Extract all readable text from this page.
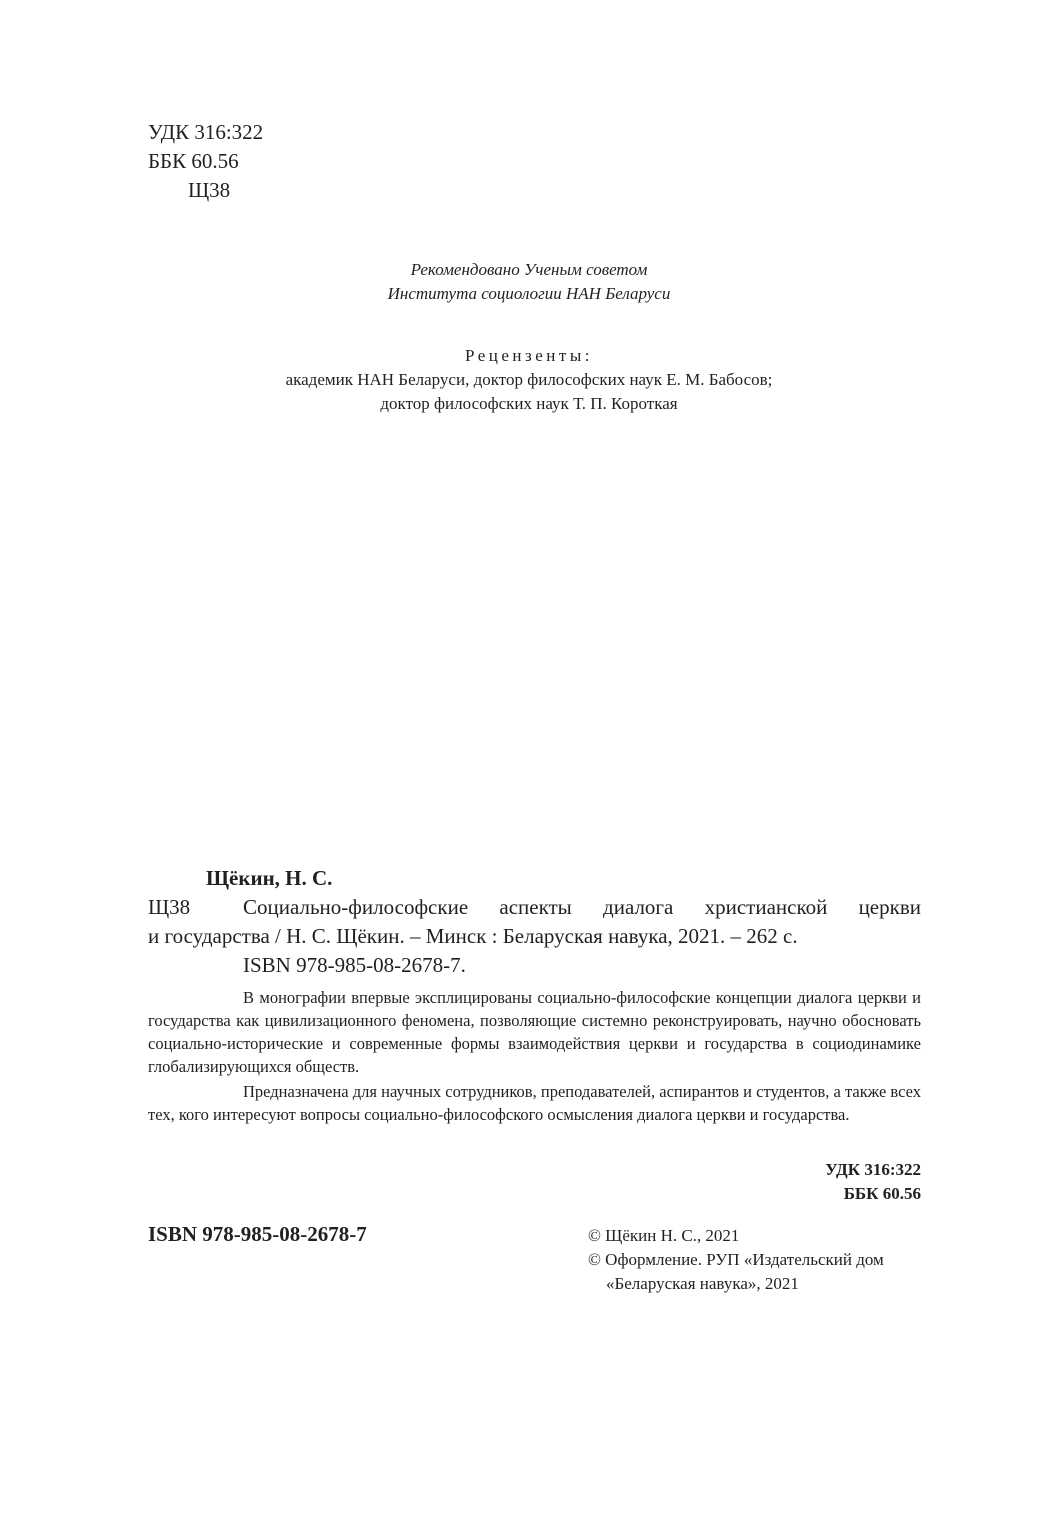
УДК 316:322
ББК 60.56
Щ38
Рекомендовано Ученым советом
Института социологии НАН Беларуси
Рецензенты:
академик НАН Беларуси, доктор философских наук Е. М. Бабосов;
доктор философских наук Т. П. Короткая
Щёкин, Н. С.
Щ38	Социально-философские аспекты диалога христианской церкви
и государства / Н. С. Щёкин. – Минск : Беларуская навука, 2021. – 262 с.
ISBN 978-985-08-2678-7.

В монографии впервые эксплицированы социально-философские концепции диалога церкви и государства как цивилизационного феномена, позволяющие системно реконструировать, научно обосновать социально-исторические и современные формы взаимодействия церкви и государства в социодинамике глобализирующихся обществ.

Предназначена для научных сотрудников, преподавателей, аспирантов и студентов, а также всех тех, кого интересуют вопросы социально-философского осмысления диалога церкви и государства.

УДК 316:322
ББК 60.56
ISBN 978-985-08-2678-7	© Щёкин Н. С., 2021
© Оформление. РУП «Издательский дом
«Беларуская навука», 2021
